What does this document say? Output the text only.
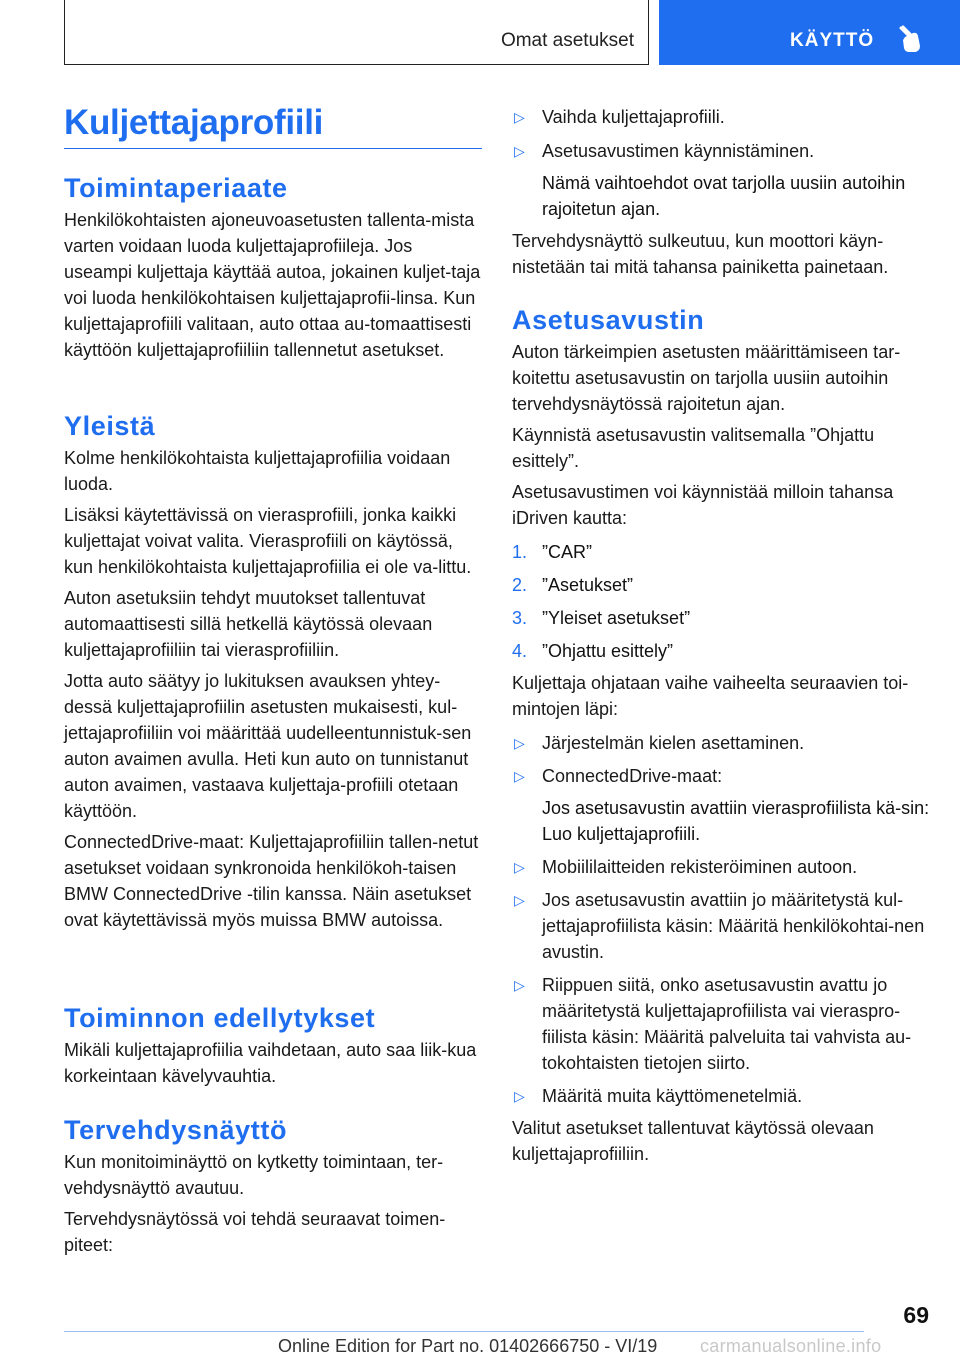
Omat asetukset	KÄYTTÖ
Kuljettajaprofiili
Toimintaperiaate
Henkilökohtaisten ajoneuvoasetusten tallenta-mista varten voidaan luoda kuljettajaprofiileja. Jos useampi kuljettaja käyttää autoa, jokainen kuljet-taja voi luoda henkilökohtaisen kuljettajaprofii-linsa. Kun kuljettajaprofiili valitaan, auto ottaa au-tomaattisesti käyttöön kuljettajaprofiiliin tallennetut asetukset.
Yleistä
Kolme henkilökohtaista kuljettajaprofiilia voidaan luoda.
Lisäksi käytettävissä on vierasprofiili, jonka kaikki kuljettajat voivat valita. Vierasprofiili on käytössä, kun henkilökohtaista kuljettajaprofiilia ei ole va-littu.
Auton asetuksiin tehdyt muutokset tallentuvat automaattisesti sillä hetkellä käytössä olevaan kuljettajaprofiiliin tai vierasprofiiliin.
Jotta auto säätyy jo lukituksen avauksen yhtey-dessä kuljettajaprofiilin asetusten mukaisesti, kul-jettajaprofiiliin voi määrittää uudelleentunnistuk-sen auton avaimen avulla. Heti kun auto on tunnistanut auton avaimen, vastaava kuljettaja-profiili otetaan käyttöön.
ConnectedDrive-maat: Kuljettajaprofiiliin tallen-netut asetukset voidaan synkronoida henkilökoh-taisen BMW ConnectedDrive -tilin kanssa. Näin asetukset ovat käytettävissä myös muissa BMW autoissa.
Toiminnon edellytykset
Mikäli kuljettajaprofiilia vaihdetaan, auto saa liik-kua korkeintaan kävelyvauhtia.
Tervehdysnäyttö
Kun monitoiminäyttö on kytketty toimintaan, ter-vehdysnäyttö avautuu.
Tervehdysnäytössä voi tehdä seuraavat toimen-piteet:
▷ Vaihda kuljettajaprofiili.
▷ Asetusavustimen käynnistäminen.
Nämä vaihtoehdot ovat tarjolla uusiin autoihin rajoitetun ajan.
Tervehdysnäyttö sulkeutuu, kun moottori käyn-nistetään tai mitä tahansa painiketta painetaan.
Asetusavustin
Auton tärkeimpien asetusten määrittämiseen tar-koitettu asetusavustin on tarjolla uusiin autoihin tervehdysnäytössä rajoitetun ajan.
Käynnistä asetusavustin valitsemalla ”Ohjattu esittely”.
Asetusavustimen voi käynnistää milloin tahansa iDriven kautta:
1. ”CAR”
2. ”Asetukset”
3. ”Yleiset asetukset”
4. ”Ohjattu esittely”
Kuljettaja ohjataan vaihe vaiheelta seuraavien toi-mintojen läpi:
▷ Järjestelmän kielen asettaminen.
▷ ConnectedDrive-maat:
Jos asetusavustin avattiin vierasprofiilista kä-sin: Luo kuljettajaprofiili.
▷ Mobiililaitteiden rekisteröiminen autoon.
▷ Jos asetusavustin avattiin jo määritetystä kul-jettajaprofiilista käsin: Määritä henkilökohtai-nen avustin.
▷ Riippuen siitä, onko asetusavustin avattu jo määritetystä kuljettajaprofiilista vai vieraspro-fiilista käsin: Määritä palveluita tai vahvista au-tokohtaisten tietojen siirto.
▷ Määritä muita käyttömenetelmiä.
Valitut asetukset tallentuvat käytössä olevaan kuljettajaprofiiliin.
69
Online Edition for Part no. 01402666750 - VI/19 carmanualsonline.info
